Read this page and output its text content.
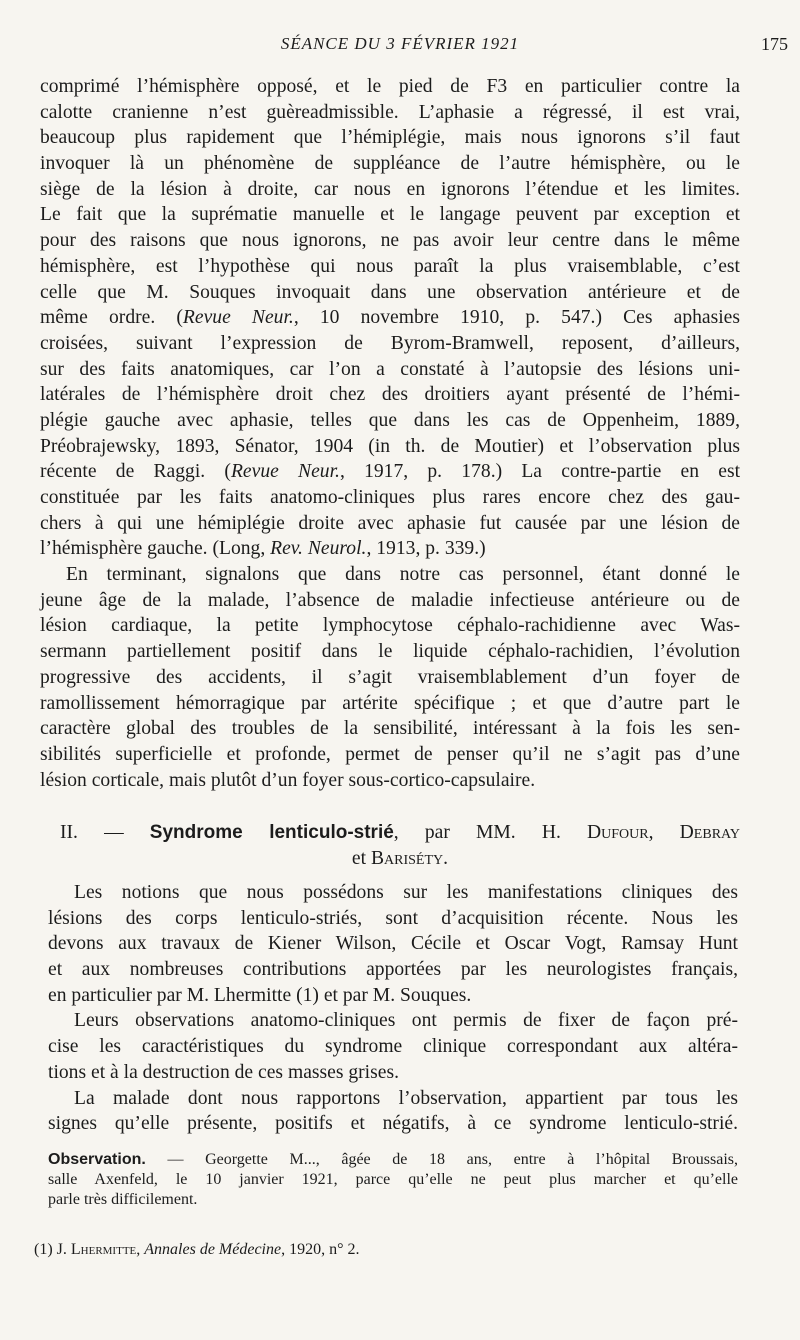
SÉANCE DU 3 FÉVRIER 1921	175
comprimé l’hémisphère opposé, et le pied de F3 en particulier contre la
calotte cranienne n’est guèreadmissible. L’aphasie a régressé, il est vrai,
beaucoup plus rapidement que l’hémiplégie, mais nous ignorons s’il faut
invoquer là un phénomène de suppléance de l’autre hémisphère, ou le
siège de la lésion à droite, car nous en ignorons l’étendue et les limites.
Le fait que la suprématie manuelle et le langage peuvent par exception et
pour des raisons que nous ignorons, ne pas avoir leur centre dans le même
hémisphère, est l’hypothèse qui nous paraît la plus vraisemblable, c’est
celle que M. Souques invoquait dans une observation antérieure et de
même ordre. (Revue Neur., 10 novembre 1910, p. 547.) Ces aphasies
croisées, suivant l’expression de Byrom-Bramwell, reposent, d’ailleurs,
sur des faits anatomiques, car l’on a constaté à l’autopsie des lésions uni-
latérales de l’hémisphère droit chez des droitiers ayant présenté de l’hémi-
plégie gauche avec aphasie, telles que dans les cas de Oppenheim, 1889,
Préobrajewsky, 1893, Sénator, 1904 (in th. de Moutier) et l’observation plus
récente de Raggi. (Revue Neur., 1917, p. 178.) La contre-partie en est
constituée par les faits anatomo-cliniques plus rares encore chez des gau-
chers à qui une hémiplégie droite avec aphasie fut causée par une lésion de
l’hémisphère gauche. (Long, Rev. Neurol., 1913, p. 339.)
En terminant, signalons que dans notre cas personnel, étant donné le
jeune âge de la malade, l’absence de maladie infectieuse antérieure ou de
lésion cardiaque, la petite lymphocytose céphalo-rachidienne avec Was-
sermann partiellement positif dans le liquide céphalo-rachidien, l’évolution
progressive des accidents, il s’agit vraisemblablement d’un foyer de
ramollissement hémorragique par artérite spécifique ; et que d’autre part le
caractère global des troubles de la sensibilité, intéressant à la fois les sen-
sibilités superficielle et profonde, permet de penser qu’il ne s’agit pas d’une
lésion corticale, mais plutôt d’un foyer sous-cortico-capsulaire.
II. — Syndrome lenticulo-strié, par MM. H. Dufour, Debray
et Bariséty.
Les notions que nous possédons sur les manifestations cliniques des
lésions des corps lenticulo-striés, sont d’acquisition récente. Nous les
devons aux travaux de Kiener Wilson, Cécile et Oscar Vogt, Ramsay Hunt
et aux nombreuses contributions apportées par les neurologistes français,
en particulier par M. Lhermitte (1) et par M. Souques.
Leurs observations anatomo-cliniques ont permis de fixer de façon pré-
cise les caractéristiques du syndrome clinique correspondant aux altéra-
tions et à la destruction de ces masses grises.
La malade dont nous rapportons l’observation, appartient par tous les
signes qu’elle présente, positifs et négatifs, à ce syndrome lenticulo-strié.
Observation. — Georgette M..., âgée de 18 ans, entre à l’hôpital Broussais,
salle Axenfeld, le 10 janvier 1921, parce qu’elle ne peut plus marcher et qu’elle
parle très difficilement.
(1) J. Lhermitte, Annales de Médecine, 1920, n° 2.
